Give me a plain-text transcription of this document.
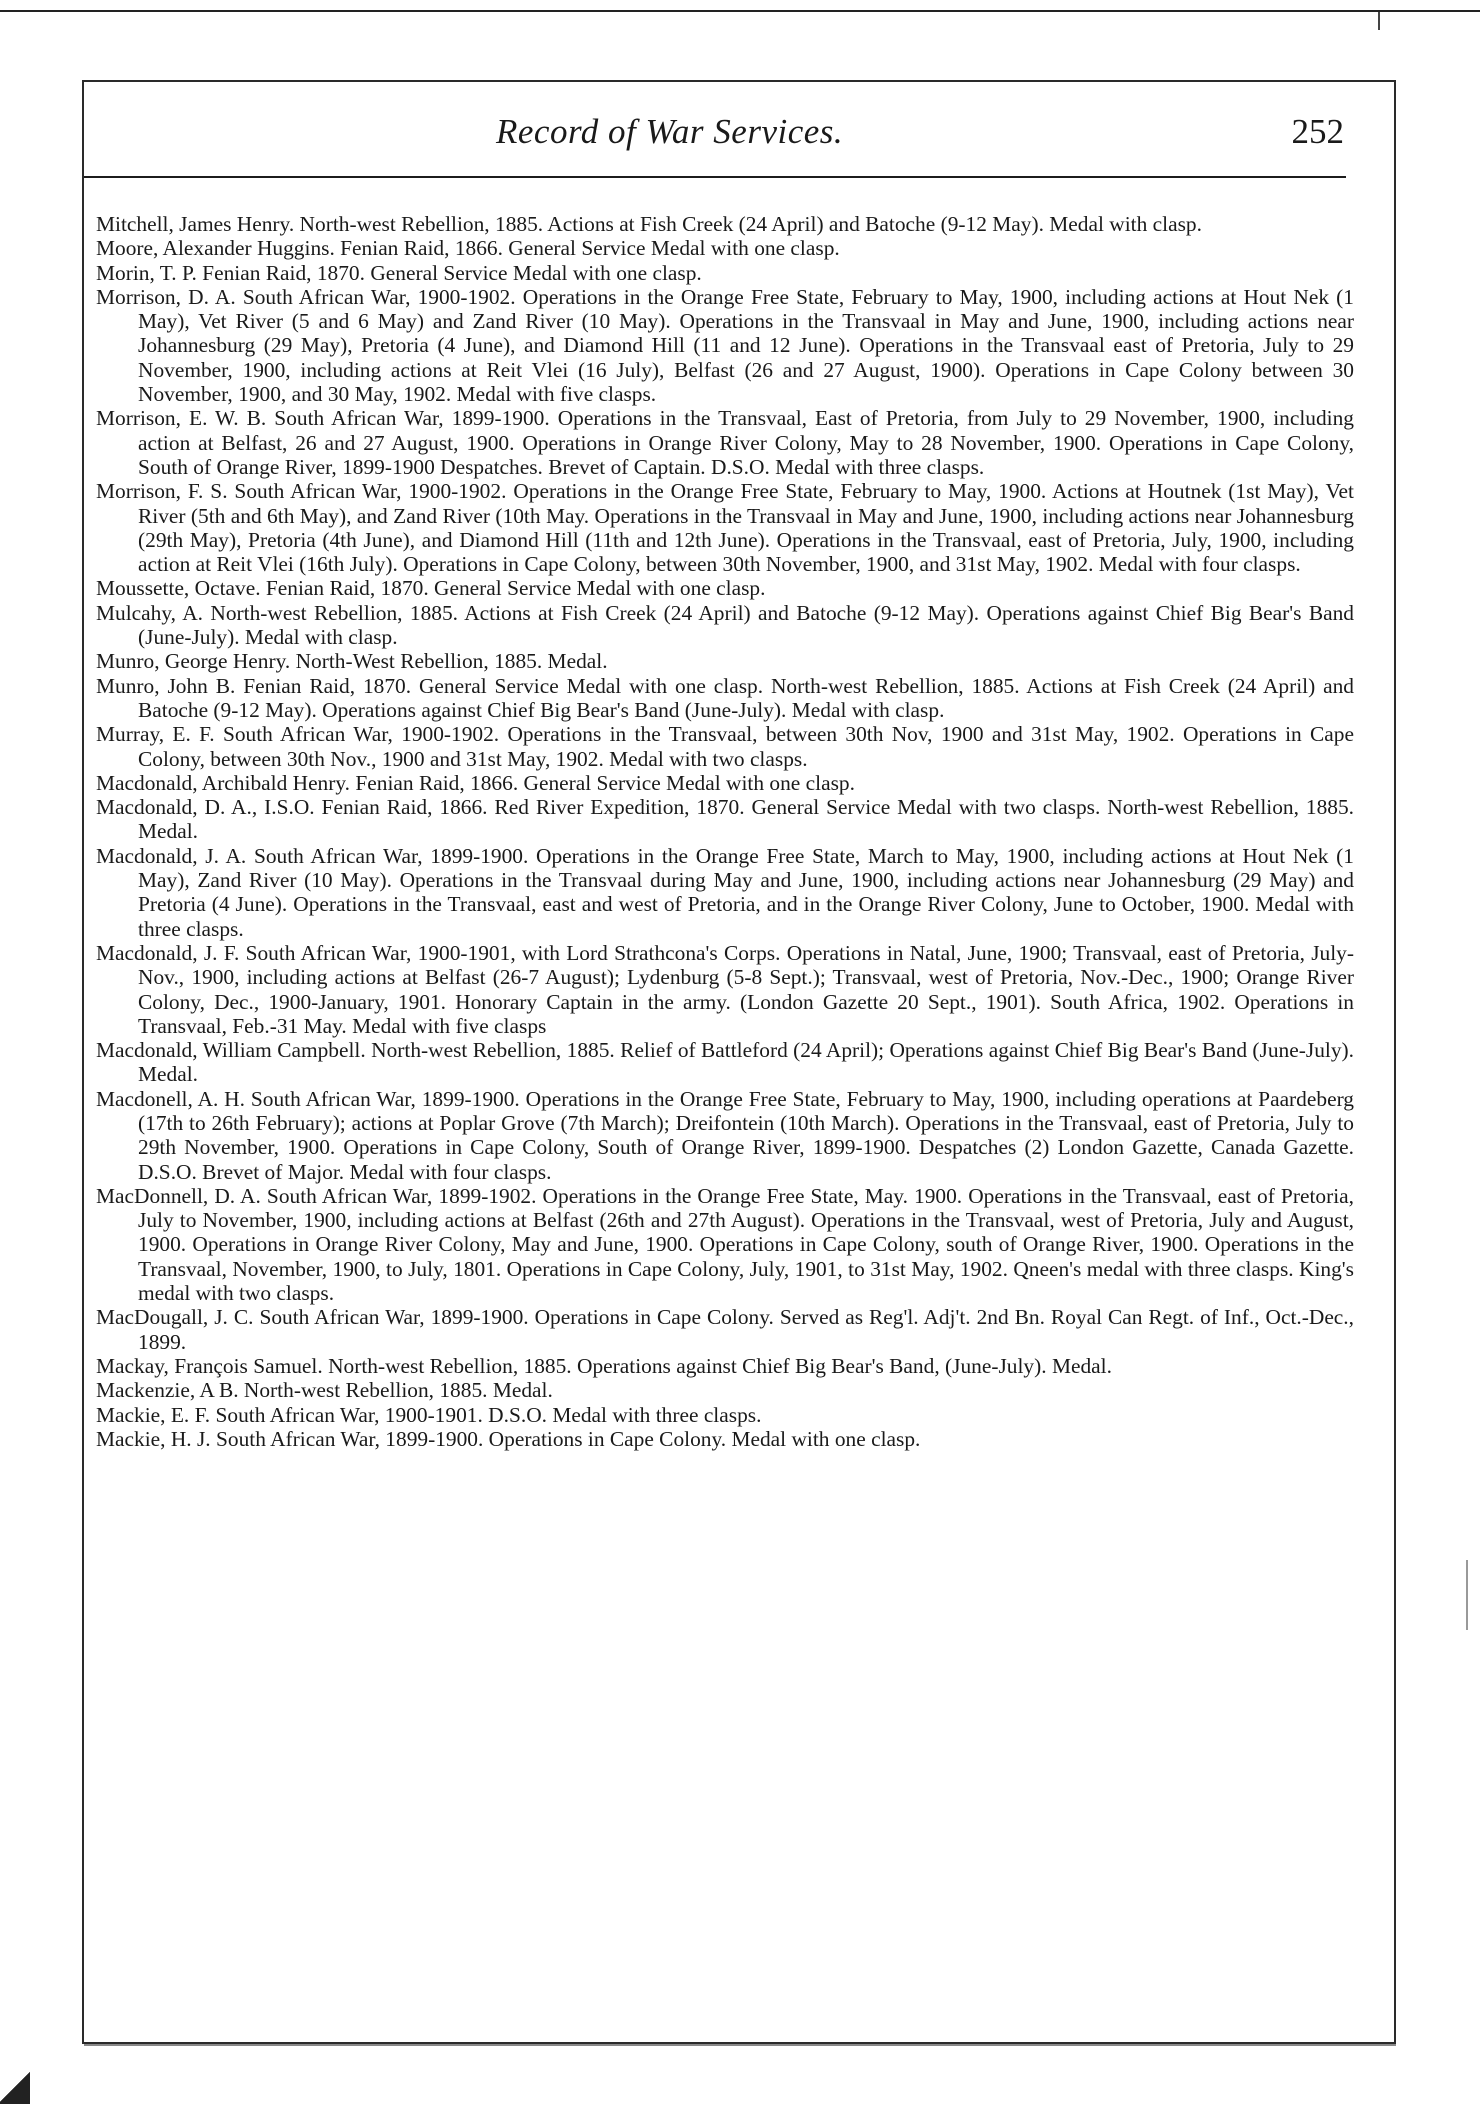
Record of War Services.	252

Mitchell, James Henry. North-west Rebellion, 1885. Actions at Fish Creek (24 April) and Batoche (9-12 May). Medal with clasp.

Moore, Alexander Huggins. Fenian Raid, 1866. General Service Medal with one clasp.

Morin, T. P. Fenian Raid, 1870. General Service Medal with one clasp.

Morrison, D. A. South African War, 1900-1902. Operations in the Orange Free State, February to May, 1900, including actions at Hout Nek (1 May), Vet River (5 and 6 May) and Zand River (10 May). Operations in the Transvaal in May and June, 1900, including actions near Johannesburg (29 May), Pretoria (4 June), and Diamond Hill (11 and 12 June). Operations in the Transvaal east of Pretoria, July to 29 November, 1900, including actions at Reit Vlei (16 July), Belfast (26 and 27 August, 1900). Operations in Cape Colony between 30 November, 1900, and 30 May, 1902. Medal with five clasps.

Morrison, E. W. B. South African War, 1899-1900. Operations in the Transvaal, East of Pretoria, from July to 29 November, 1900, including action at Belfast, 26 and 27 August, 1900. Operations in Orange River Colony, May to 28 November, 1900. Operations in Cape Colony, South of Orange River, 1899-1900 Despatches. Brevet of Captain. D.S.O. Medal with three clasps.

Morrison, F. S. South African War, 1900-1902. Operations in the Orange Free State, February to May, 1900. Actions at Houtnek (1st May), Vet River (5th and 6th May), and Zand River (10th May. Operations in the Transvaal in May and June, 1900, including actions near Johannesburg (29th May), Pretoria (4th June), and Diamond Hill (11th and 12th June). Operations in the Transvaal, east of Pretoria, July, 1900, including action at Reit Vlei (16th July). Operations in Cape Colony, between 30th November, 1900, and 31st May, 1902. Medal with four clasps.

Moussette, Octave. Fenian Raid, 1870. General Service Medal with one clasp.

Mulcahy, A. North-west Rebellion, 1885. Actions at Fish Creek (24 April) and Batoche (9-12 May). Operations against Chief Big Bear's Band (June-July). Medal with clasp.

Munro, George Henry. North-West Rebellion, 1885. Medal.

Munro, John B. Fenian Raid, 1870. General Service Medal with one clasp. North-west Rebellion, 1885. Actions at Fish Creek (24 April) and Batoche (9-12 May). Operations against Chief Big Bear's Band (June-July). Medal with clasp.

Murray, E. F. South African War, 1900-1902. Operations in the Transvaal, between 30th Nov, 1900 and 31st May, 1902. Operations in Cape Colony, between 30th Nov., 1900 and 31st May, 1902. Medal with two clasps.

Macdonald, Archibald Henry. Fenian Raid, 1866. General Service Medal with one clasp.

Macdonald, D. A., I.S.O. Fenian Raid, 1866. Red River Expedition, 1870. General Service Medal with two clasps. North-west Rebellion, 1885. Medal.

Macdonald, J. A. South African War, 1899-1900. Operations in the Orange Free State, March to May, 1900, including actions at Hout Nek (1 May), Zand River (10 May). Operations in the Transvaal during May and June, 1900, including actions near Johannesburg (29 May) and Pretoria (4 June). Operations in the Transvaal, east and west of Pretoria, and in the Orange River Colony, June to October, 1900. Medal with three clasps.

Macdonald, J. F. South African War, 1900-1901, with Lord Strathcona's Corps. Operations in Natal, June, 1900; Transvaal, east of Pretoria, July-Nov., 1900, including actions at Belfast (26-7 August); Lydenburg (5-8 Sept.); Transvaal, west of Pretoria, Nov.-Dec., 1900; Orange River Colony, Dec., 1900-January, 1901. Honorary Captain in the army. (London Gazette 20 Sept., 1901). South Africa, 1902. Operations in Transvaal, Feb.-31 May. Medal with five clasps

Macdonald, William Campbell. North-west Rebellion, 1885. Relief of Battleford (24 April); Operations against Chief Big Bear's Band (June-July). Medal.

Macdonell, A. H. South African War, 1899-1900. Operations in the Orange Free State, February to May, 1900, including operations at Paardeberg (17th to 26th February); actions at Poplar Grove (7th March); Dreifontein (10th March). Operations in the Transvaal, east of Pretoria, July to 29th November, 1900. Operations in Cape Colony, South of Orange River, 1899-1900. Despatches (2) London Gazette, Canada Gazette. D.S.O. Brevet of Major. Medal with four clasps.

MacDonnell, D. A. South African War, 1899-1902. Operations in the Orange Free State, May. 1900. Operations in the Transvaal, east of Pretoria, July to November, 1900, including actions at Belfast (26th and 27th August). Operations in the Transvaal, west of Pretoria, July and August, 1900. Operations in Orange River Colony, May and June, 1900. Operations in Cape Colony, south of Orange River, 1900. Operations in the Transvaal, November, 1900, to July, 1801. Operations in Cape Colony, July, 1901, to 31st May, 1902. Qneen's medal with three clasps. King's medal with two clasps.

MacDougall, J. C. South African War, 1899-1900. Operations in Cape Colony. Served as Reg'l. Adj't. 2nd Bn. Royal Can Regt. of Inf., Oct.-Dec., 1899.

Mackay, François Samuel. North-west Rebellion, 1885. Operations against Chief Big Bear's Band, (June-July). Medal.

Mackenzie, A B. North-west Rebellion, 1885. Medal.

Mackie, E. F. South African War, 1900-1901. D.S.O. Medal with three clasps.

Mackie, H. J. South African War, 1899-1900. Operations in Cape Colony. Medal with one clasp.
